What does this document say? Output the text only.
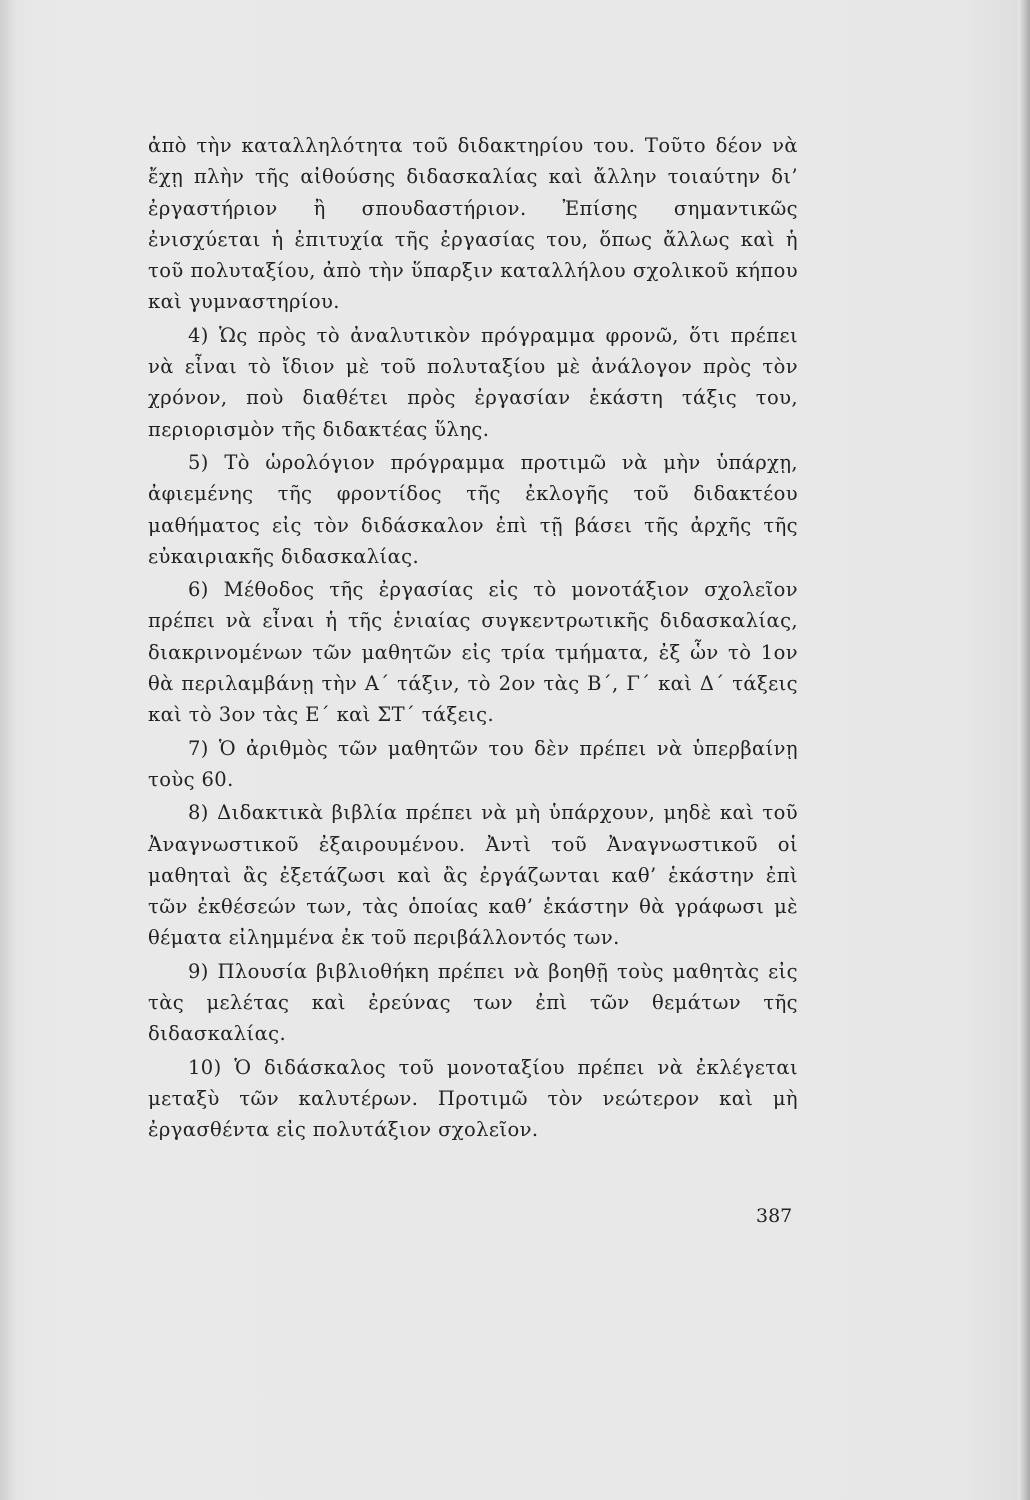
ἀπὸ τὴν καταλληλότητα τοῦ διδακτηρίου του. Τοῦτο δέον νὰ ἔχῃ πλὴν τῆς αἰθούσης διδασκαλίας καὶ ἄλλην τοιαύτην δι’ ἐργαστήριον ἢ σπουδαστήριον. Ἐπίσης σημαντικῶς ἐνισχύεται ἡ ἐπιτυχία τῆς ἐργασίας του, ὅπως ἄλλως καὶ ἡ τοῦ πολυταξίου, ἀπὸ τὴν ὕπαρξιν καταλλήλου σχολικοῦ κήπου καὶ γυμναστηρίου.

4) Ὡς πρὸς τὸ ἀναλυτικὸν πρόγραμμα φρονῶ, ὅτι πρέπει νὰ εἶναι τὸ ἴδιον μὲ τοῦ πολυταξίου μὲ ἀνάλογον πρὸς τὸν χρόνον, ποὺ διαθέτει πρὸς ἐργασίαν ἑκάστη τάξις του, περιορισμὸν τῆς διδακτέας ὕλης.

5) Τὸ ὡρολόγιον πρόγραμμα προτιμῶ νὰ μὴν ὑπάρχῃ, ἀφιεμένης τῆς φροντίδος τῆς ἐκλογῆς τοῦ διδακτέου μαθήματος εἰς τὸν διδάσκαλον ἐπὶ τῇ βάσει τῆς ἀρχῆς τῆς εὐκαιριακῆς διδασκαλίας.

6) Μέθοδος τῆς ἐργασίας εἰς τὸ μονοτάξιον σχολεῖον πρέπει νὰ εἶναι ἡ τῆς ἑνιαίας συγκεντρωτικῆς διδασκαλίας, διακρινομένων τῶν μαθητῶν εἰς τρία τμήματα, ἐξ ὧν τὸ 1ον θὰ περιλαμβάνῃ τὴν Α΄ τάξιν, τὸ 2ον τὰς Β΄, Γ΄ καὶ Δ΄ τάξεις καὶ τὸ 3ον τὰς Ε΄ καὶ ΣΤ΄ τάξεις.

7) Ὁ ἀριθμὸς τῶν μαθητῶν του δὲν πρέπει νὰ ὑπερβαίνῃ τοὺς 60.

8) Διδακτικὰ βιβλία πρέπει νὰ μὴ ὑπάρχουν, μηδὲ καὶ τοῦ Ἀναγνωστικοῦ ἐξαιρουμένου. Ἀντὶ τοῦ Ἀναγνωστικοῦ οἱ μαθηταὶ ἂς ἐξετάζωσι καὶ ἂς ἐργάζωνται καθ’ ἑκάστην ἐπὶ τῶν ἐκθέσεών των, τὰς ὁποίας καθ’ ἑκάστην θὰ γράφωσι μὲ θέματα εἰλημμένα ἐκ τοῦ περιβάλλοντός των.

9) Πλουσία βιβλιοθήκη πρέπει νὰ βοηθῇ τοὺς μαθητὰς εἰς τὰς μελέτας καὶ ἐρεύνας των ἐπὶ τῶν θεμάτων τῆς διδασκαλίας.

10) Ὁ διδάσκαλος τοῦ μονοταξίου πρέπει νὰ ἐκλέγεται μεταξὺ τῶν καλυτέρων. Προτιμῶ τὸν νεώτερον καὶ μὴ ἐργασθέντα εἰς πολυτάξιον σχολεῖον.

387
